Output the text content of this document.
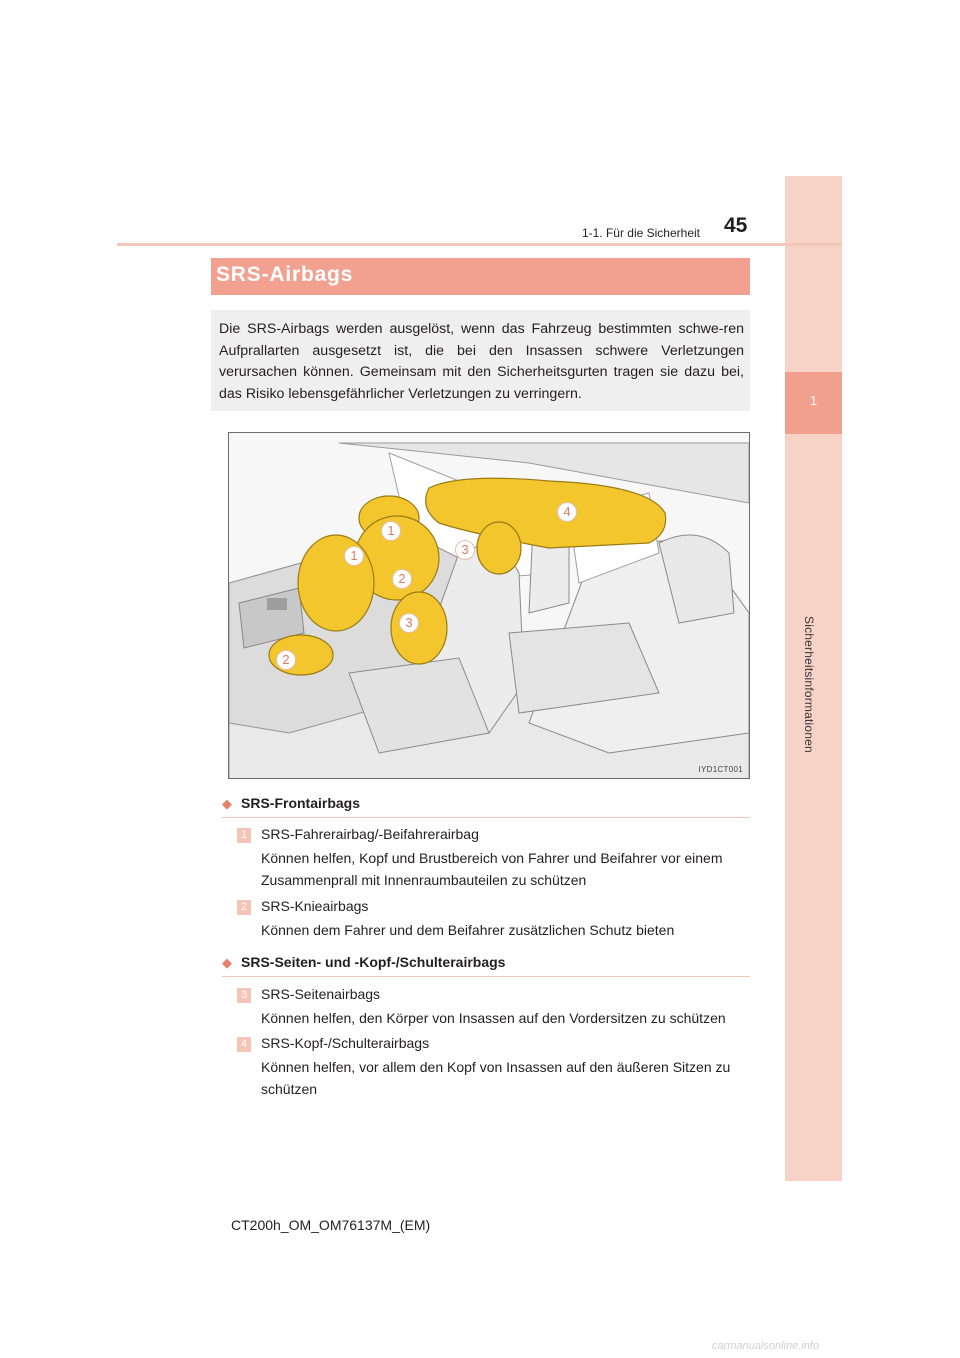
1
Sicherheitsinformationen
1-1. Für die Sicherheit 45
SRS-Airbags

Die SRS-Airbags werden ausgelöst, wenn das Fahrzeug bestimmten schwe-ren Aufprallarten ausgesetzt ist, die bei den Insassen schwere Verletzungen verursachen können. Gemeinsam mit den Sicherheitsgurten tragen sie dazu bei, das Risiko lebensgefährlicher Verletzungen zu verringern.

1
1
2
2
3
3
4
IYD1CT001
◆ SRS-Frontairbags
1 SRS-Fahrerairbag/-Beifahrerairbag
Können helfen, Kopf und Brustbereich von Fahrer und Beifahrer vor einem Zusammenprall mit Innenraumbauteilen zu schützen
2 SRS-Knieairbags
Können dem Fahrer und dem Beifahrer zusätzlichen Schutz bieten
◆ SRS-Seiten- und -Kopf-/Schulterairbags
3 SRS-Seitenairbags
Können helfen, den Körper von Insassen auf den Vordersitzen zu schützen
4 SRS-Kopf-/Schulterairbags
Können helfen, vor allem den Kopf von Insassen auf den äußeren Sitzen zu schützen
CT200h_OM_OM76137M_(EM)
carmanualsonline.info
